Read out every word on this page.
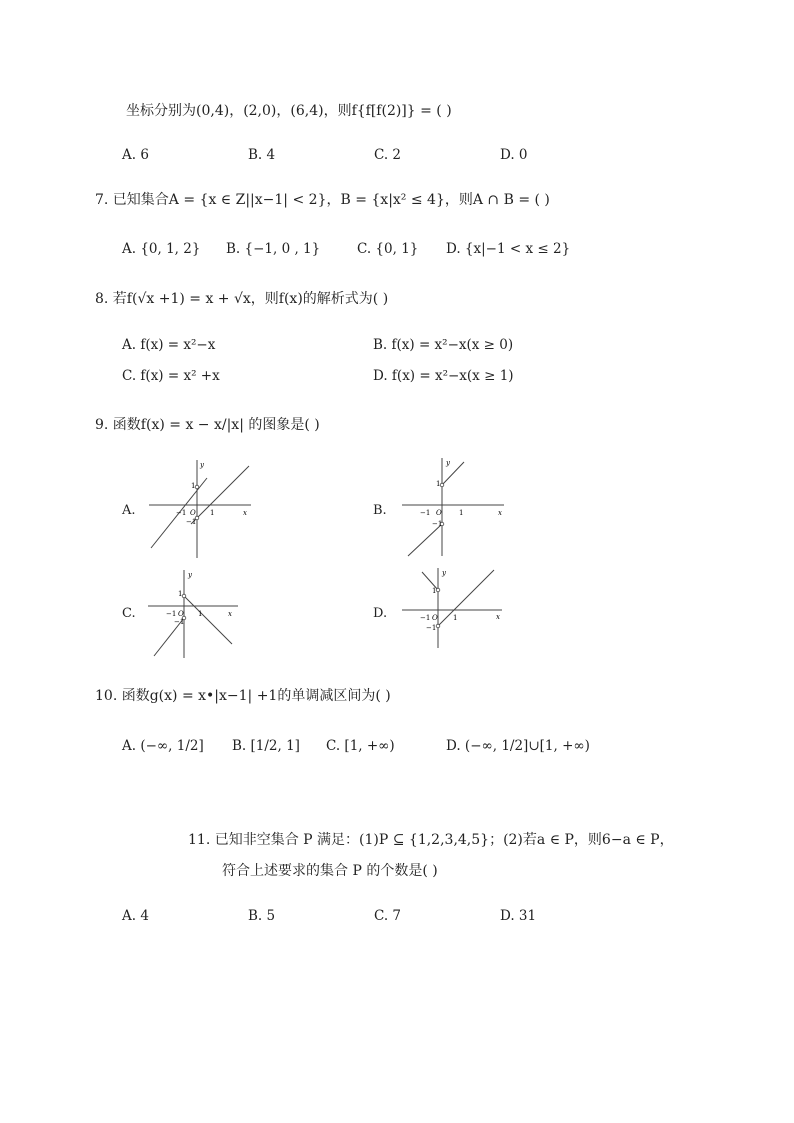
坐标分别为(0,4)，(2,0)，(6,4)，则f{f[f(2)]} = ( )
A. 6	B. 4	C. 2	D. 0
7. 已知集合A = {x ∈ Z||x−1| < 2}，B = {x|x² ≤ 4}，则A ∩ B = ( )
A. {0, 1, 2} B. {−1, 0 , 1}	C. {0, 1} D. {x|−1 < x ≤ 2}
8. 若f(√x +1) = x + √x，则f(x)的解析式为( )
A. f(x) = x²−x	B. f(x) = x²−x(x ≥ 0)
C. f(x) = x² +x	D. f(x) = x²−x(x ≥ 1)
9. 函数f(x) = x − x/|x| 的图象是( )
A.	B.
C.	D.
y
x
1
−1 O 1
−1
y
x
1
−1 O 1
−1
y
x
1
−1 O 1
−1
y
x
1
−1 O 1
−1
10. 函数g(x) = x•|x−1| +1的单调减区间为( )
A. (−∞, 1/2] B. [1/2, 1] C. [1, +∞)	D. (−∞, 1/2]∪[1, +∞)
11. 已知非空集合 P 满足：(1)P ⊆ {1,2,3,4,5}；(2)若a ∈ P，则6−a ∈ P，
符合上述要求的集合 P 的个数是( )
A. 4	B. 5	C. 7	D. 31
